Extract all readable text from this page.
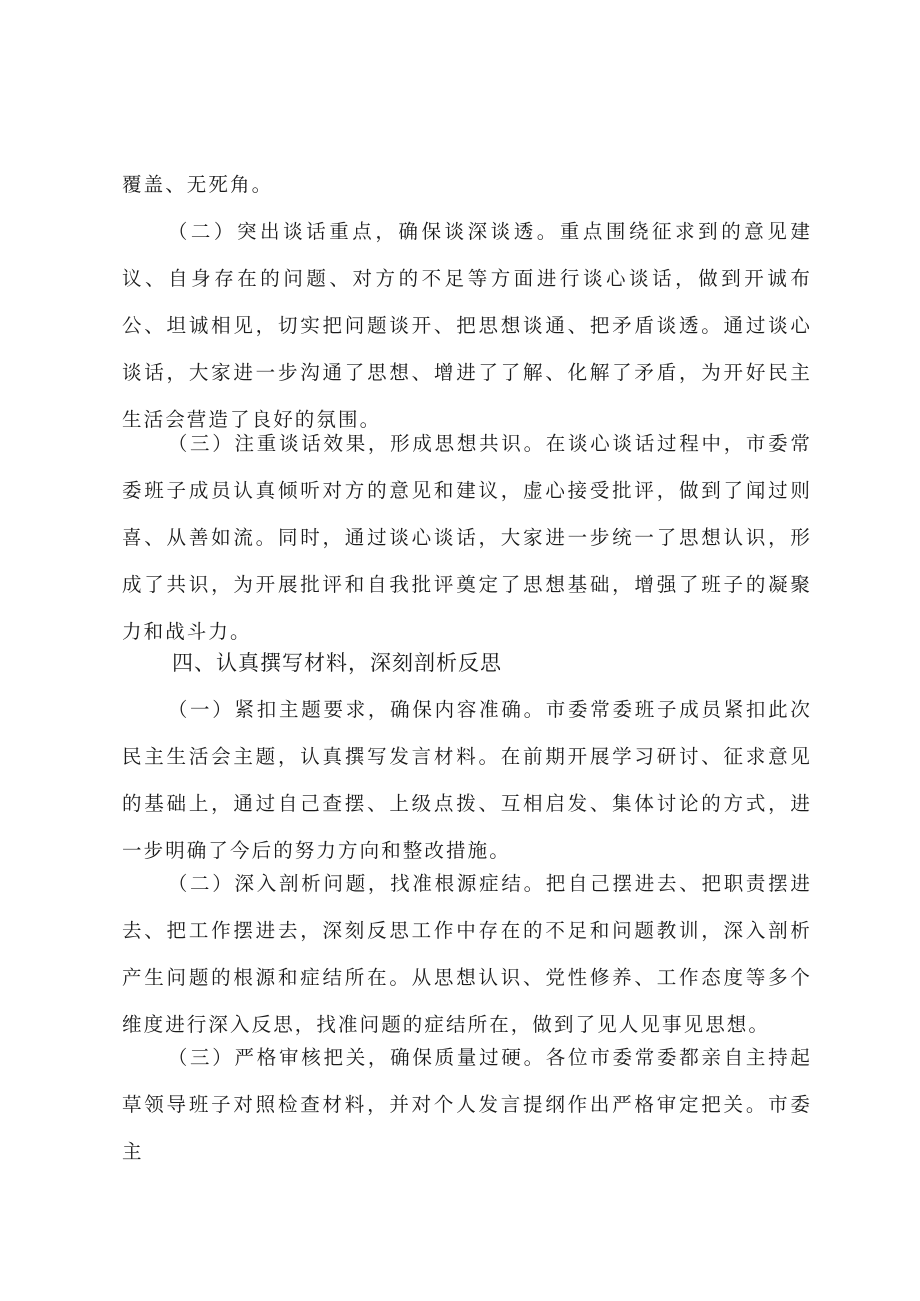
覆盖、无死角。

（二）突出谈话重点，确保谈深谈透。重点围绕征求到的意见建议、自身存在的问题、对方的不足等方面进行谈心谈话，做到开诚布公、坦诚相见，切实把问题谈开、把思想谈通、把矛盾谈透。通过谈心谈话，大家进一步沟通了思想、增进了了解、化解了矛盾，为开好民主生活会营造了良好的氛围。

（三）注重谈话效果，形成思想共识。在谈心谈话过程中，市委常委班子成员认真倾听对方的意见和建议，虚心接受批评，做到了闻过则喜、从善如流。同时，通过谈心谈话，大家进一步统一了思想认识，形成了共识，为开展批评和自我批评奠定了思想基础，增强了班子的凝聚力和战斗力。

四、认真撰写材料，深刻剖析反思

（一）紧扣主题要求，确保内容准确。市委常委班子成员紧扣此次民主生活会主题，认真撰写发言材料。在前期开展学习研讨、征求意见的基础上，通过自己查摆、上级点拨、互相启发、集体讨论的方式，进一步明确了今后的努力方向和整改措施。

（二）深入剖析问题，找准根源症结。把自己摆进去、把职责摆进去、把工作摆进去，深刻反思工作中存在的不足和问题教训，深入剖析产生问题的根源和症结所在。从思想认识、党性修养、工作态度等多个维度进行深入反思，找准问题的症结所在，做到了见人见事见思想。

（三）严格审核把关，确保质量过硬。各位市委常委都亲自主持起草领导班子对照检查材料，并对个人发言提纲作出严格审定把关。市委主
